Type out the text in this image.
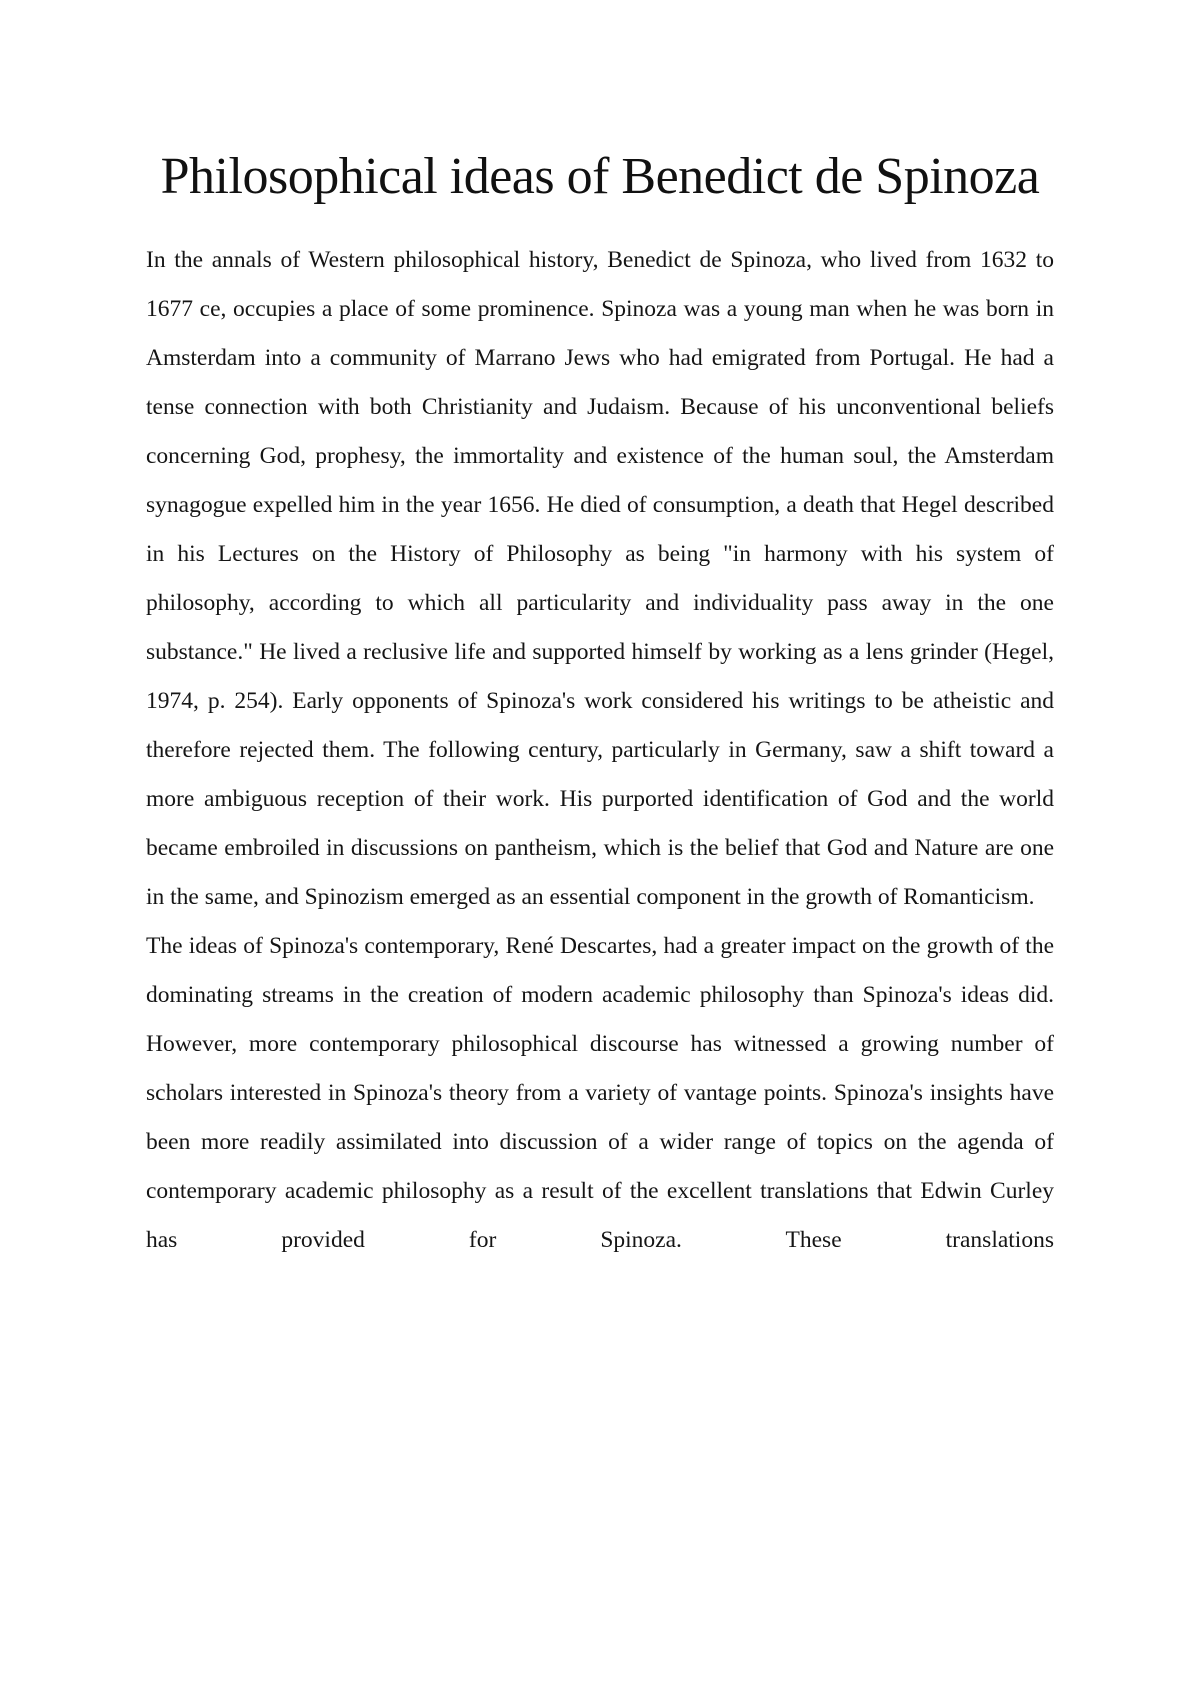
Philosophical ideas of Benedict de Spinoza

In the annals of Western philosophical history, Benedict de Spinoza, who lived from 1632 to 1677 ce, occupies a place of some prominence. Spinoza was a young man when he was born in Amsterdam into a community of Marrano Jews who had emigrated from Portugal. He had a tense connection with both Christianity and Judaism. Because of his unconventional beliefs concerning God, prophesy, the immortality and existence of the human soul, the Amsterdam synagogue expelled him in the year 1656. He died of consumption, a death that Hegel described in his Lectures on the History of Philosophy as being "in harmony with his system of philosophy, according to which all particularity and individuality pass away in the one substance." He lived a reclusive life and supported himself by working as a lens grinder (Hegel, 1974, p. 254). Early opponents of Spinoza's work considered his writings to be atheistic and therefore rejected them. The following century, particularly in Germany, saw a shift toward a more ambiguous reception of their work. His purported identification of God and the world became embroiled in discussions on pantheism, which is the belief that God and Nature are one in the same, and Spinozism emerged as an essential component in the growth of Romanticism.

The ideas of Spinoza's contemporary, René Descartes, had a greater impact on the growth of the dominating streams in the creation of modern academic philosophy than Spinoza's ideas did. However, more contemporary philosophical discourse has witnessed a growing number of scholars interested in Spinoza's theory from a variety of vantage points. Spinoza's insights have been more readily assimilated into discussion of a wider range of topics on the agenda of contemporary academic philosophy as a result of the excellent translations that Edwin Curley has provided for Spinoza. These translations
